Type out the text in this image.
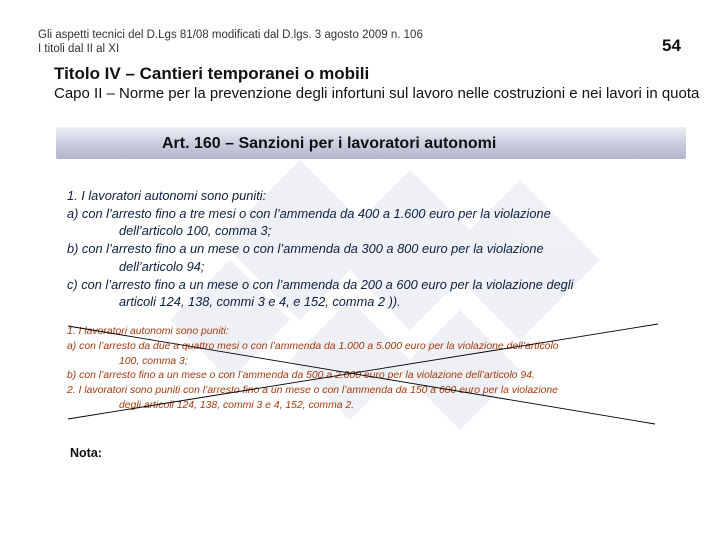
Gli aspetti tecnici del D.Lgs 81/08 modificati dal D.lgs. 3 agosto 2009 n. 106
I titoli dal II al XI	54
Titolo IV – Cantieri temporanei o mobili
Capo II – Norme per la prevenzione degli infortuni sul lavoro nelle costruzioni e nei lavori in quota
Art. 160 – Sanzioni per i lavoratori autonomi
1. I lavoratori autonomi sono puniti:
a) con l’arresto fino a tre mesi o con l’ammenda da 400 a 1.600 euro per la violazione
dell’articolo 100, comma 3;
b) con l’arresto fino a un mese o con l’ammenda da 300 a 800 euro per la violazione
dell’articolo 94;
c) con l’arresto fino a un mese o con l’ammenda da 200 a 600 euro per la violazione degli
articoli 124, 138, commi 3 e 4, e 152, comma 2 )).
1. I lavoratori autonomi sono puniti:
a) con l’arresto da due a quattro mesi o con l’ammenda da 1.000 a 5.000 euro per la violazione dell’articolo
100, comma 3;
b) con l’arresto fino a un mese o con l’ammenda da 500 a 2.000 euro per la violazione dell’articolo 94.
2. I lavoratori sono puniti con l’arresto fino a un mese o con l’ammenda da 150 a 600 euro per la violazione
degli articoli 124, 138, commi 3 e 4, 152, comma 2.
Nota:
